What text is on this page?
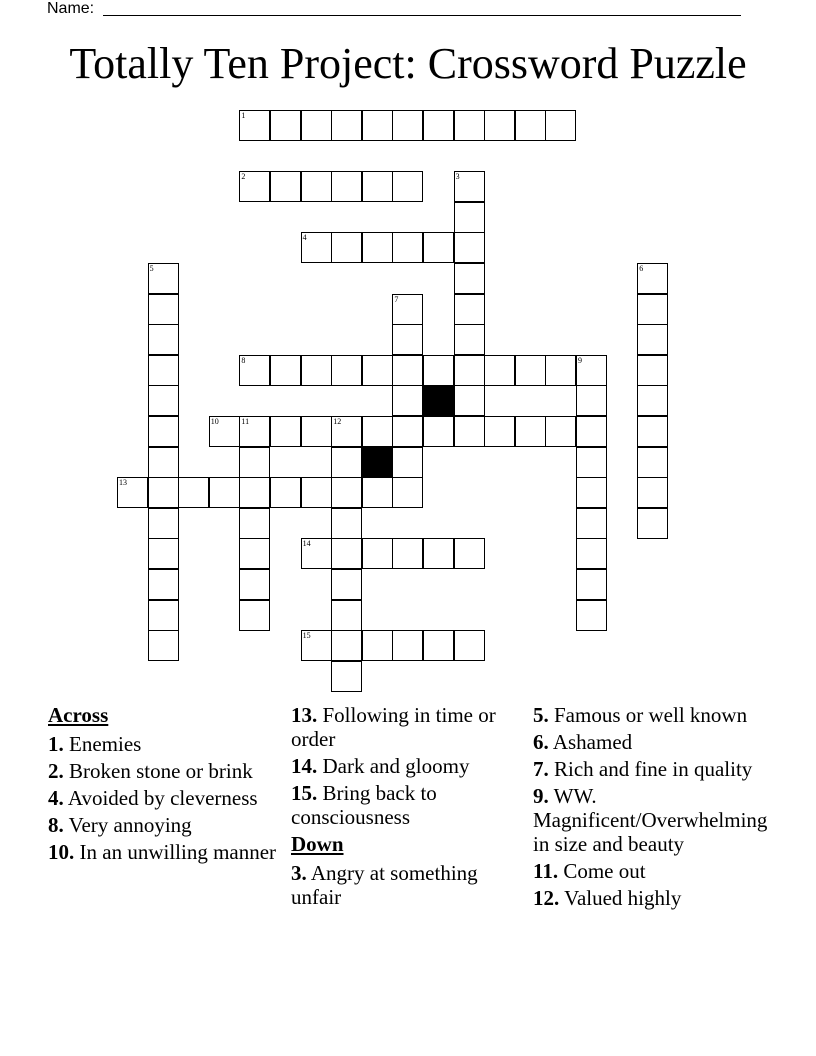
Name:
Totally Ten Project: Crossword Puzzle
1
2	3
4
5	6
7
8	9
10	11	12
13
14
15
Across
1. Enemies
2. Broken stone or brink
4. Avoided by cleverness
8. Very annoying
10. In an unwilling manner
13. Following in time or order
14. Dark and gloomy
15. Bring back to consciousness
Down
3. Angry at something unfair
5. Famous or well known
6. Ashamed
7. Rich and fine in quality
9. WW. Magnificent/Overwhelming in size and beauty
11. Come out
12. Valued highly
